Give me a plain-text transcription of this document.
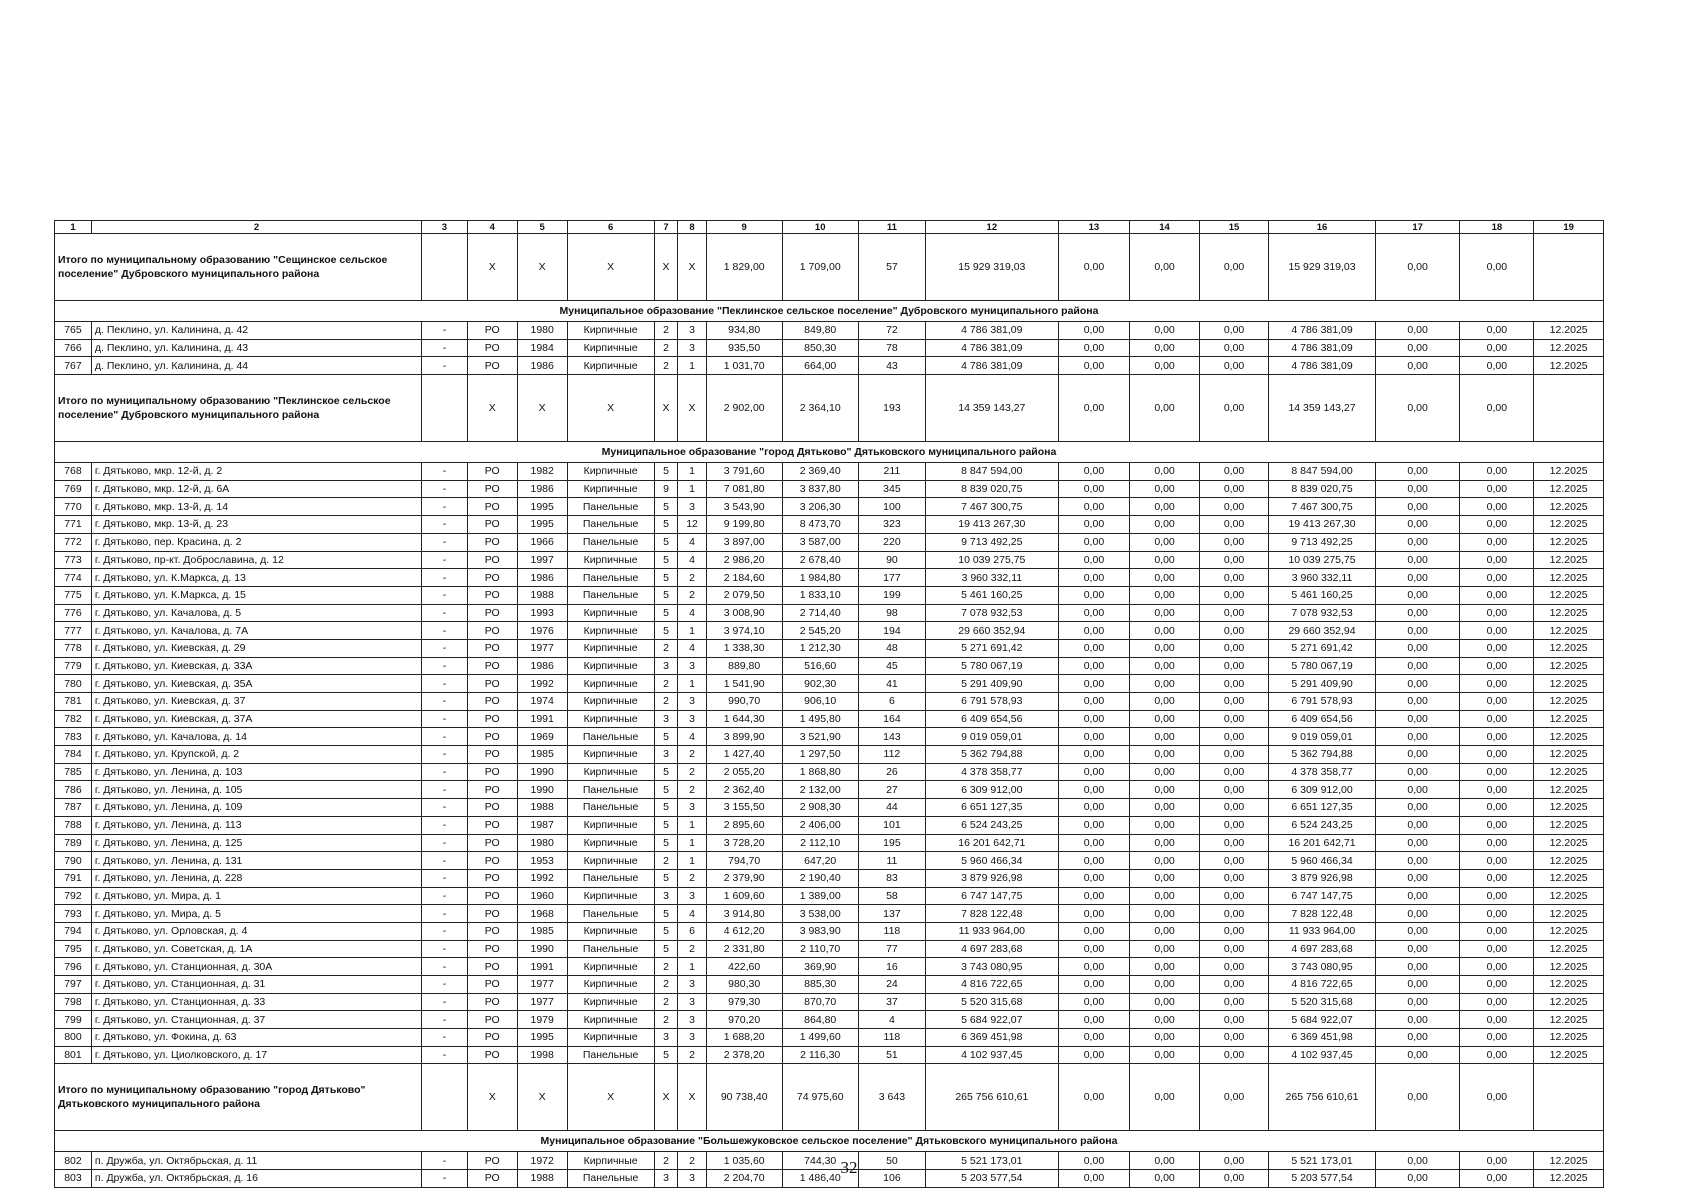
1	2	3	4	5	6	7	8	9	10	11	12	13	14	15	16	17	18	19
Итого по муниципальному образованию "Сещинское сельское поселение" Дубровского муниципального района			X	X	X	X	X	1 829,00	1 709,00	57	15 929 319,03	0,00	0,00	0,00	15 929 319,03	0,00	0,00	
Муниципальное образование "Пеклинское сельское поселение" Дубровского муниципального района																		
765	д. Пеклино, ул. Калинина, д. 42	-	РО	1980	Кирпичные	2	3	934,80	849,80	72	4 786 381,09	0,00	0,00	0,00	4 786 381,09	0,00	0,00	12.2025
766	д. Пеклино, ул. Калинина, д. 43	-	РО	1984	Кирпичные	2	3	935,50	850,30	78	4 786 381,09	0,00	0,00	0,00	4 786 381,09	0,00	0,00	12.2025
767	д. Пеклино, ул. Калинина, д. 44	-	РО	1986	Кирпичные	2	1	1 031,70	664,00	43	4 786 381,09	0,00	0,00	0,00	4 786 381,09	0,00	0,00	12.2025
Итого по муниципальному образованию "Пеклинское сельское поселение" Дубровского муниципального района			X	X	X	X	X	2 902,00	2 364,10	193	14 359 143,27	0,00	0,00	0,00	14 359 143,27	0,00	0,00	
Муниципальное образование "город Дятьково" Дятьковского муниципального района																		
768	г. Дятьково, мкр. 12-й, д. 2	-	РО	1982	Кирпичные	5	1	3 791,60	2 369,40	211	8 847 594,00	0,00	0,00	0,00	8 847 594,00	0,00	0,00	12.2025
769	г. Дятьково, мкр. 12-й, д. 6А	-	РО	1986	Кирпичные	9	1	7 081,80	3 837,80	345	8 839 020,75	0,00	0,00	0,00	8 839 020,75	0,00	0,00	12.2025
770	г. Дятьково, мкр. 13-й, д. 14	-	РО	1995	Панельные	5	3	3 543,90	3 206,30	100	7 467 300,75	0,00	0,00	0,00	7 467 300,75	0,00	0,00	12.2025
771	г. Дятьково, мкр. 13-й, д. 23	-	РО	1995	Панельные	5	12	9 199,80	8 473,70	323	19 413 267,30	0,00	0,00	0,00	19 413 267,30	0,00	0,00	12.2025
772	г. Дятьково, пер. Красина, д. 2	-	РО	1966	Панельные	5	4	3 897,00	3 587,00	220	9 713 492,25	0,00	0,00	0,00	9 713 492,25	0,00	0,00	12.2025
773	г. Дятьково, пр-кт. Доброславина, д. 12	-	РО	1997	Кирпичные	5	4	2 986,20	2 678,40	90	10 039 275,75	0,00	0,00	0,00	10 039 275,75	0,00	0,00	12.2025
774	г. Дятьково, ул. К.Маркса, д. 13	-	РО	1986	Панельные	5	2	2 184,60	1 984,80	177	3 960 332,11	0,00	0,00	0,00	3 960 332,11	0,00	0,00	12.2025
775	г. Дятьково, ул. К.Маркса, д. 15	-	РО	1988	Панельные	5	2	2 079,50	1 833,10	199	5 461 160,25	0,00	0,00	0,00	5 461 160,25	0,00	0,00	12.2025
776	г. Дятьково, ул. Качалова, д. 5	-	РО	1993	Кирпичные	5	4	3 008,90	2 714,40	98	7 078 932,53	0,00	0,00	0,00	7 078 932,53	0,00	0,00	12.2025
777	г. Дятьково, ул. Качалова, д. 7А	-	РО	1976	Кирпичные	5	1	3 974,10	2 545,20	194	29 660 352,94	0,00	0,00	0,00	29 660 352,94	0,00	0,00	12.2025
778	г. Дятьково, ул. Киевская, д. 29	-	РО	1977	Кирпичные	2	4	1 338,30	1 212,30	48	5 271 691,42	0,00	0,00	0,00	5 271 691,42	0,00	0,00	12.2025
779	г. Дятьково, ул. Киевская, д. 33А	-	РО	1986	Кирпичные	3	3	889,80	516,60	45	5 780 067,19	0,00	0,00	0,00	5 780 067,19	0,00	0,00	12.2025
780	г. Дятьково, ул. Киевская, д. 35А	-	РО	1992	Кирпичные	2	1	1 541,90	902,30	41	5 291 409,90	0,00	0,00	0,00	5 291 409,90	0,00	0,00	12.2025
781	г. Дятьково, ул. Киевская, д. 37	-	РО	1974	Кирпичные	2	3	990,70	906,10	6	6 791 578,93	0,00	0,00	0,00	6 791 578,93	0,00	0,00	12.2025
782	г. Дятьково, ул. Киевская, д. 37А	-	РО	1991	Кирпичные	3	3	1 644,30	1 495,80	164	6 409 654,56	0,00	0,00	0,00	6 409 654,56	0,00	0,00	12.2025
783	г. Дятьково, ул. Качалова, д. 14	-	РО	1969	Панельные	5	4	3 899,90	3 521,90	143	9 019 059,01	0,00	0,00	0,00	9 019 059,01	0,00	0,00	12.2025
784	г. Дятьково, ул. Крупской, д. 2	-	РО	1985	Кирпичные	3	2	1 427,40	1 297,50	112	5 362 794,88	0,00	0,00	0,00	5 362 794,88	0,00	0,00	12.2025
785	г. Дятьково, ул. Ленина, д. 103	-	РО	1990	Кирпичные	5	2	2 055,20	1 868,80	26	4 378 358,77	0,00	0,00	0,00	4 378 358,77	0,00	0,00	12.2025
786	г. Дятьково, ул. Ленина, д. 105	-	РО	1990	Панельные	5	2	2 362,40	2 132,00	27	6 309 912,00	0,00	0,00	0,00	6 309 912,00	0,00	0,00	12.2025
787	г. Дятьково, ул. Ленина, д. 109	-	РО	1988	Панельные	5	3	3 155,50	2 908,30	44	6 651 127,35	0,00	0,00	0,00	6 651 127,35	0,00	0,00	12.2025
788	г. Дятьково, ул. Ленина, д. 113	-	РО	1987	Кирпичные	5	1	2 895,60	2 406,00	101	6 524 243,25	0,00	0,00	0,00	6 524 243,25	0,00	0,00	12.2025
789	г. Дятьково, ул. Ленина, д. 125	-	РО	1980	Кирпичные	5	1	3 728,20	2 112,10	195	16 201 642,71	0,00	0,00	0,00	16 201 642,71	0,00	0,00	12.2025
790	г. Дятьково, ул. Ленина, д. 131	-	РО	1953	Кирпичные	2	1	794,70	647,20	11	5 960 466,34	0,00	0,00	0,00	5 960 466,34	0,00	0,00	12.2025
791	г. Дятьково, ул. Ленина, д. 228	-	РО	1992	Панельные	5	2	2 379,90	2 190,40	83	3 879 926,98	0,00	0,00	0,00	3 879 926,98	0,00	0,00	12.2025
792	г. Дятьково, ул. Мира, д. 1	-	РО	1960	Кирпичные	3	3	1 609,60	1 389,00	58	6 747 147,75	0,00	0,00	0,00	6 747 147,75	0,00	0,00	12.2025
793	г. Дятьково, ул. Мира, д. 5	-	РО	1968	Панельные	5	4	3 914,80	3 538,00	137	7 828 122,48	0,00	0,00	0,00	7 828 122,48	0,00	0,00	12.2025
794	г. Дятьково, ул. Орловская, д. 4	-	РО	1985	Кирпичные	5	6	4 612,20	3 983,90	118	11 933 964,00	0,00	0,00	0,00	11 933 964,00	0,00	0,00	12.2025
795	г. Дятьково, ул. Советская, д. 1А	-	РО	1990	Панельные	5	2	2 331,80	2 110,70	77	4 697 283,68	0,00	0,00	0,00	4 697 283,68	0,00	0,00	12.2025
796	г. Дятьково, ул. Станционная, д. 30А	-	РО	1991	Кирпичные	2	1	422,60	369,90	16	3 743 080,95	0,00	0,00	0,00	3 743 080,95	0,00	0,00	12.2025
797	г. Дятьково, ул. Станционная, д. 31	-	РО	1977	Кирпичные	2	3	980,30	885,30	24	4 816 722,65	0,00	0,00	0,00	4 816 722,65	0,00	0,00	12.2025
798	г. Дятьково, ул. Станционная, д. 33	-	РО	1977	Кирпичные	2	3	979,30	870,70	37	5 520 315,68	0,00	0,00	0,00	5 520 315,68	0,00	0,00	12.2025
799	г. Дятьково, ул. Станционная, д. 37	-	РО	1979	Кирпичные	2	3	970,20	864,80	4	5 684 922,07	0,00	0,00	0,00	5 684 922,07	0,00	0,00	12.2025
800	г. Дятьково, ул. Фокина, д. 63	-	РО	1995	Кирпичные	3	3	1 688,20	1 499,60	118	6 369 451,98	0,00	0,00	0,00	6 369 451,98	0,00	0,00	12.2025
801	г. Дятьково, ул. Циолковского, д. 17	-	РО	1998	Панельные	5	2	2 378,20	2 116,30	51	4 102 937,45	0,00	0,00	0,00	4 102 937,45	0,00	0,00	12.2025
Итого по муниципальному образованию "город Дятьково" Дятьковского муниципального района			X	X	X	X	X	90 738,40	74 975,60	3 643	265 756 610,61	0,00	0,00	0,00	265 756 610,61	0,00	0,00	
Муниципальное образование "Большежуковское сельское поселение" Дятьковского муниципального района																		
802	п. Дружба, ул. Октябрьская, д. 11	-	РО	1972	Кирпичные	2	2	1 035,60	744,30	50	5 521 173,01	0,00	0,00	0,00	5 521 173,01	0,00	0,00	12.2025
803	п. Дружба, ул. Октябрьская, д. 16	-	РО	1988	Панельные	3	3	2 204,70	1 486,40	106	5 203 577,54	0,00	0,00	0,00	5 203 577,54	0,00	0,00	12.2025
32
